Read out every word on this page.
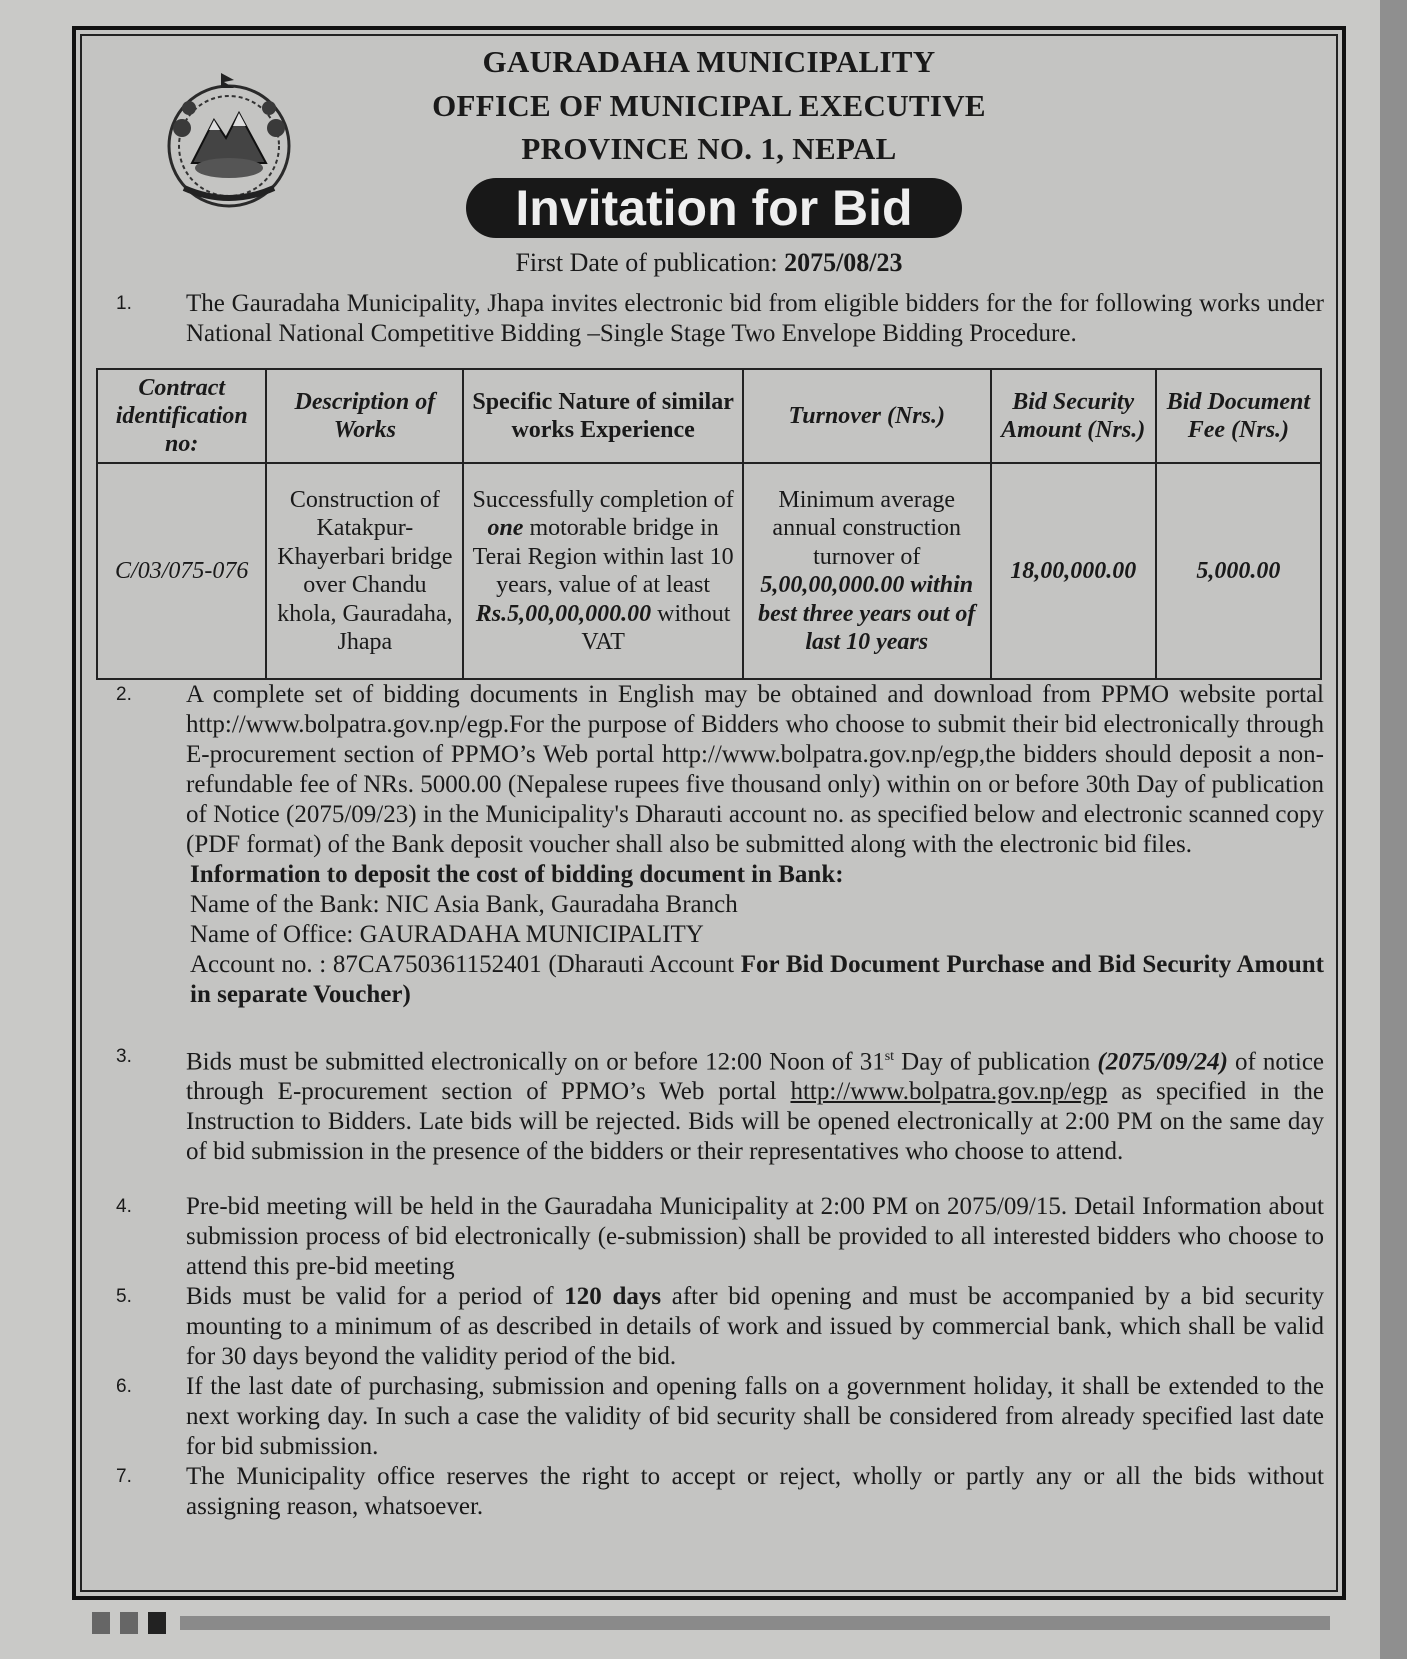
GAURADAHA MUNICIPALITY
OFFICE OF MUNICIPAL EXECUTIVE
PROVINCE NO. 1, NEPAL
Invitation for Bid
First Date of publication: 2075/08/23
1. The Gauradaha Municipality, Jhapa invites electronic bid from eligible bidders for the for following works under National National Competitive Bidding –Single Stage Two Envelope Bidding Procedure.
Contract identification no:	Description of Works	Specific Nature of similar works Experience	Turnover (Nrs.)	Bid Security Amount (Nrs.)	Bid Document Fee (Nrs.)
C/03/075-076	Construction of Katakpur-Khayerbari bridge over Chandu khola, Gauradaha, Jhapa	Successfully completion of one motorable bridge in Terai Region within last 10 years, value of at least Rs.5,00,00,000.00 without VAT	Minimum average annual construction turnover of 5,00,00,000.00 within best three years out of last 10 years	18,00,000.00	5,000.00
2. A complete set of bidding documents in English may be obtained and download from PPMO website portal http://www.bolpatra.gov.np/egp.For the purpose of Bidders who choose to submit their bid electronically through E-procurement section of PPMO’s Web portal http://www.bolpatra.gov.np/egp,the bidders should deposit a non-refundable fee of NRs. 5000.00 (Nepalese rupees five thousand only) within on or before 30th Day of publication of Notice (2075/09/23) in the Municipality's Dharauti account no. as specified below and electronic scanned copy (PDF format) of the Bank deposit voucher shall also be submitted along with the electronic bid files.
Information to deposit the cost of bidding document in Bank:
Name of the Bank: NIC Asia Bank, Gauradaha Branch
Name of Office: GAURADAHA MUNICIPALITY
Account no. : 87CA750361152401 (Dharauti Account For Bid Document Purchase and Bid Security Amount in separate Voucher)
3. Bids must be submitted electronically on or before 12:00 Noon of 31st Day of publication (2075/09/24) of notice through E-procurement section of PPMO’s Web portal http://www.bolpatra.gov.np/egp as specified in the Instruction to Bidders. Late bids will be rejected. Bids will be opened electronically at 2:00 PM on the same day of bid submission in the presence of the bidders or their representatives who choose to attend.
4. Pre-bid meeting will be held in the Gauradaha Municipality at 2:00 PM on 2075/09/15. Detail Information about submission process of bid electronically (e-submission) shall be provided to all interested bidders who choose to attend this pre-bid meeting
5. Bids must be valid for a period of 120 days after bid opening and must be accompanied by a bid security mounting to a minimum of as described in details of work and issued by commercial bank, which shall be valid for 30 days beyond the validity period of the bid.
6. If the last date of purchasing, submission and opening falls on a government holiday, it shall be extended to the next working day. In such a case the validity of bid security shall be considered from already specified last date for bid submission.
7. The Municipality office reserves the right to accept or reject, wholly or partly any or all the bids without assigning reason, whatsoever.
